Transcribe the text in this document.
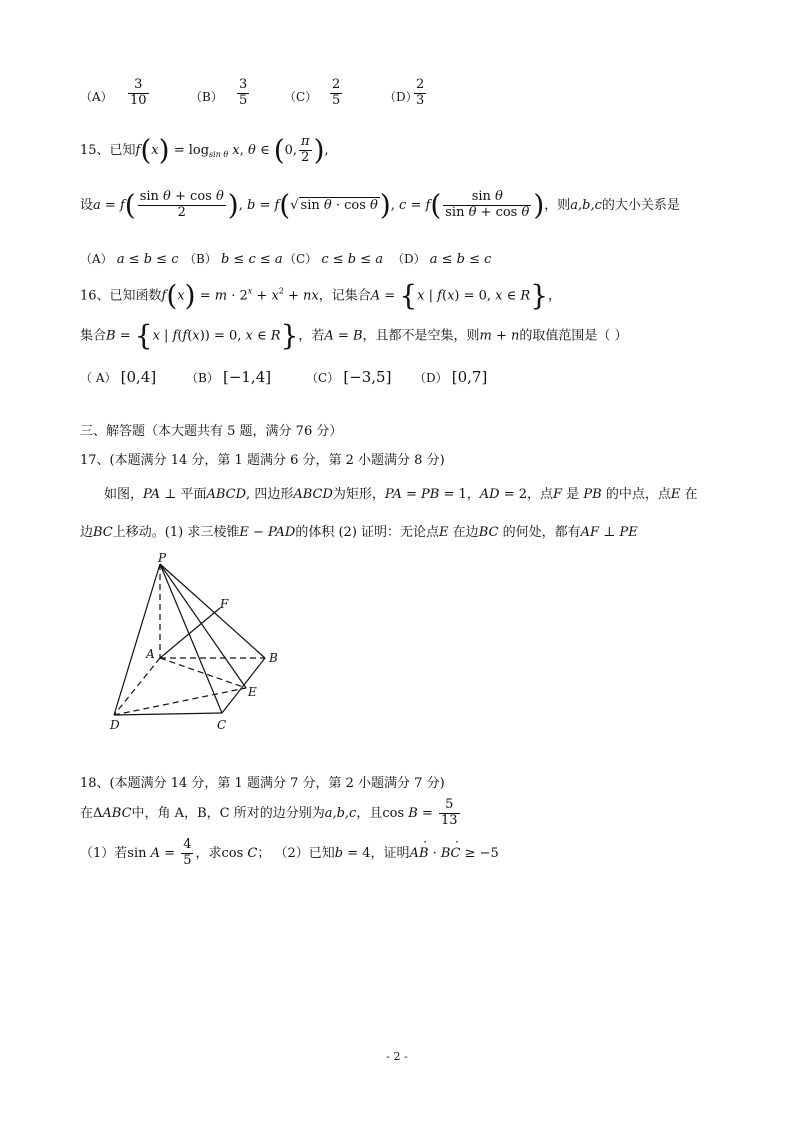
$(A) \frac{3}{10}$	$(B) \frac{3}{5}$	$(C) \frac{2}{5}$	（D）
$\frac{2}{3}$
15、已知$f(x) = \log_{sin \theta} x$, θ ∈ (0, $\frac{\pi}{2}$ ),
设$a = f( \frac{\text{sin θ + cos θ}}{2}$ ), b = f(√ sin θ · cos θ), $c = f( \frac{\text{sin θ}}{\text{sin θ + cos θ}}$ )，则a,b,c的大小关系是
（A） a ≤ b ≤ c （B） b ≤ c ≤ a （C） c ≤ b ≤ a （D） a ≤ b ≤ c
16、已知函数$f(x) = m \cdot 2^x + x^2$ + nx，记集合A = {x | f(x) = 0, x ∈ R}，
集合B = {x | f(f(x)) = 0, x ∈ R}，若A = B，且都不是空集，则m + n的取值范围是（ ）
（ A） [0,4] （B） [−1,4]	（C） [−3,5] （D） [0,7]
三、解答题（本大题共有 5 题，满分 76 分）
17、(本题满分 14 分，第 1 题满分 6 分，第 2 小题满分 8 分)
如图，PA ⊥ 平面ABCD, 四边形ABCD为矩形，PA = PB = 1，AD = 2，点F 是 PB 的中点，点E 在
边BC上移动。(1) 求三棱锥E − PAD的体积 (2) 证明：无论点E 在边BC 的何处，都有AF ⊥ PE
P
F
A	B
E
D	C
18、(本题满分 14 分，第 1 题满分 7 分，第 2 小题满分 7 分)
在ΔABC中，角 A，B，C 所对的边分别为a,b,c，且$\cos B = \frac{5}{13}$
（1）若$\sin A = \frac{4}{5}$ ，求cos C； （2）已知b = 4，证明A· B · B· C ≥ −5
- 2 -
